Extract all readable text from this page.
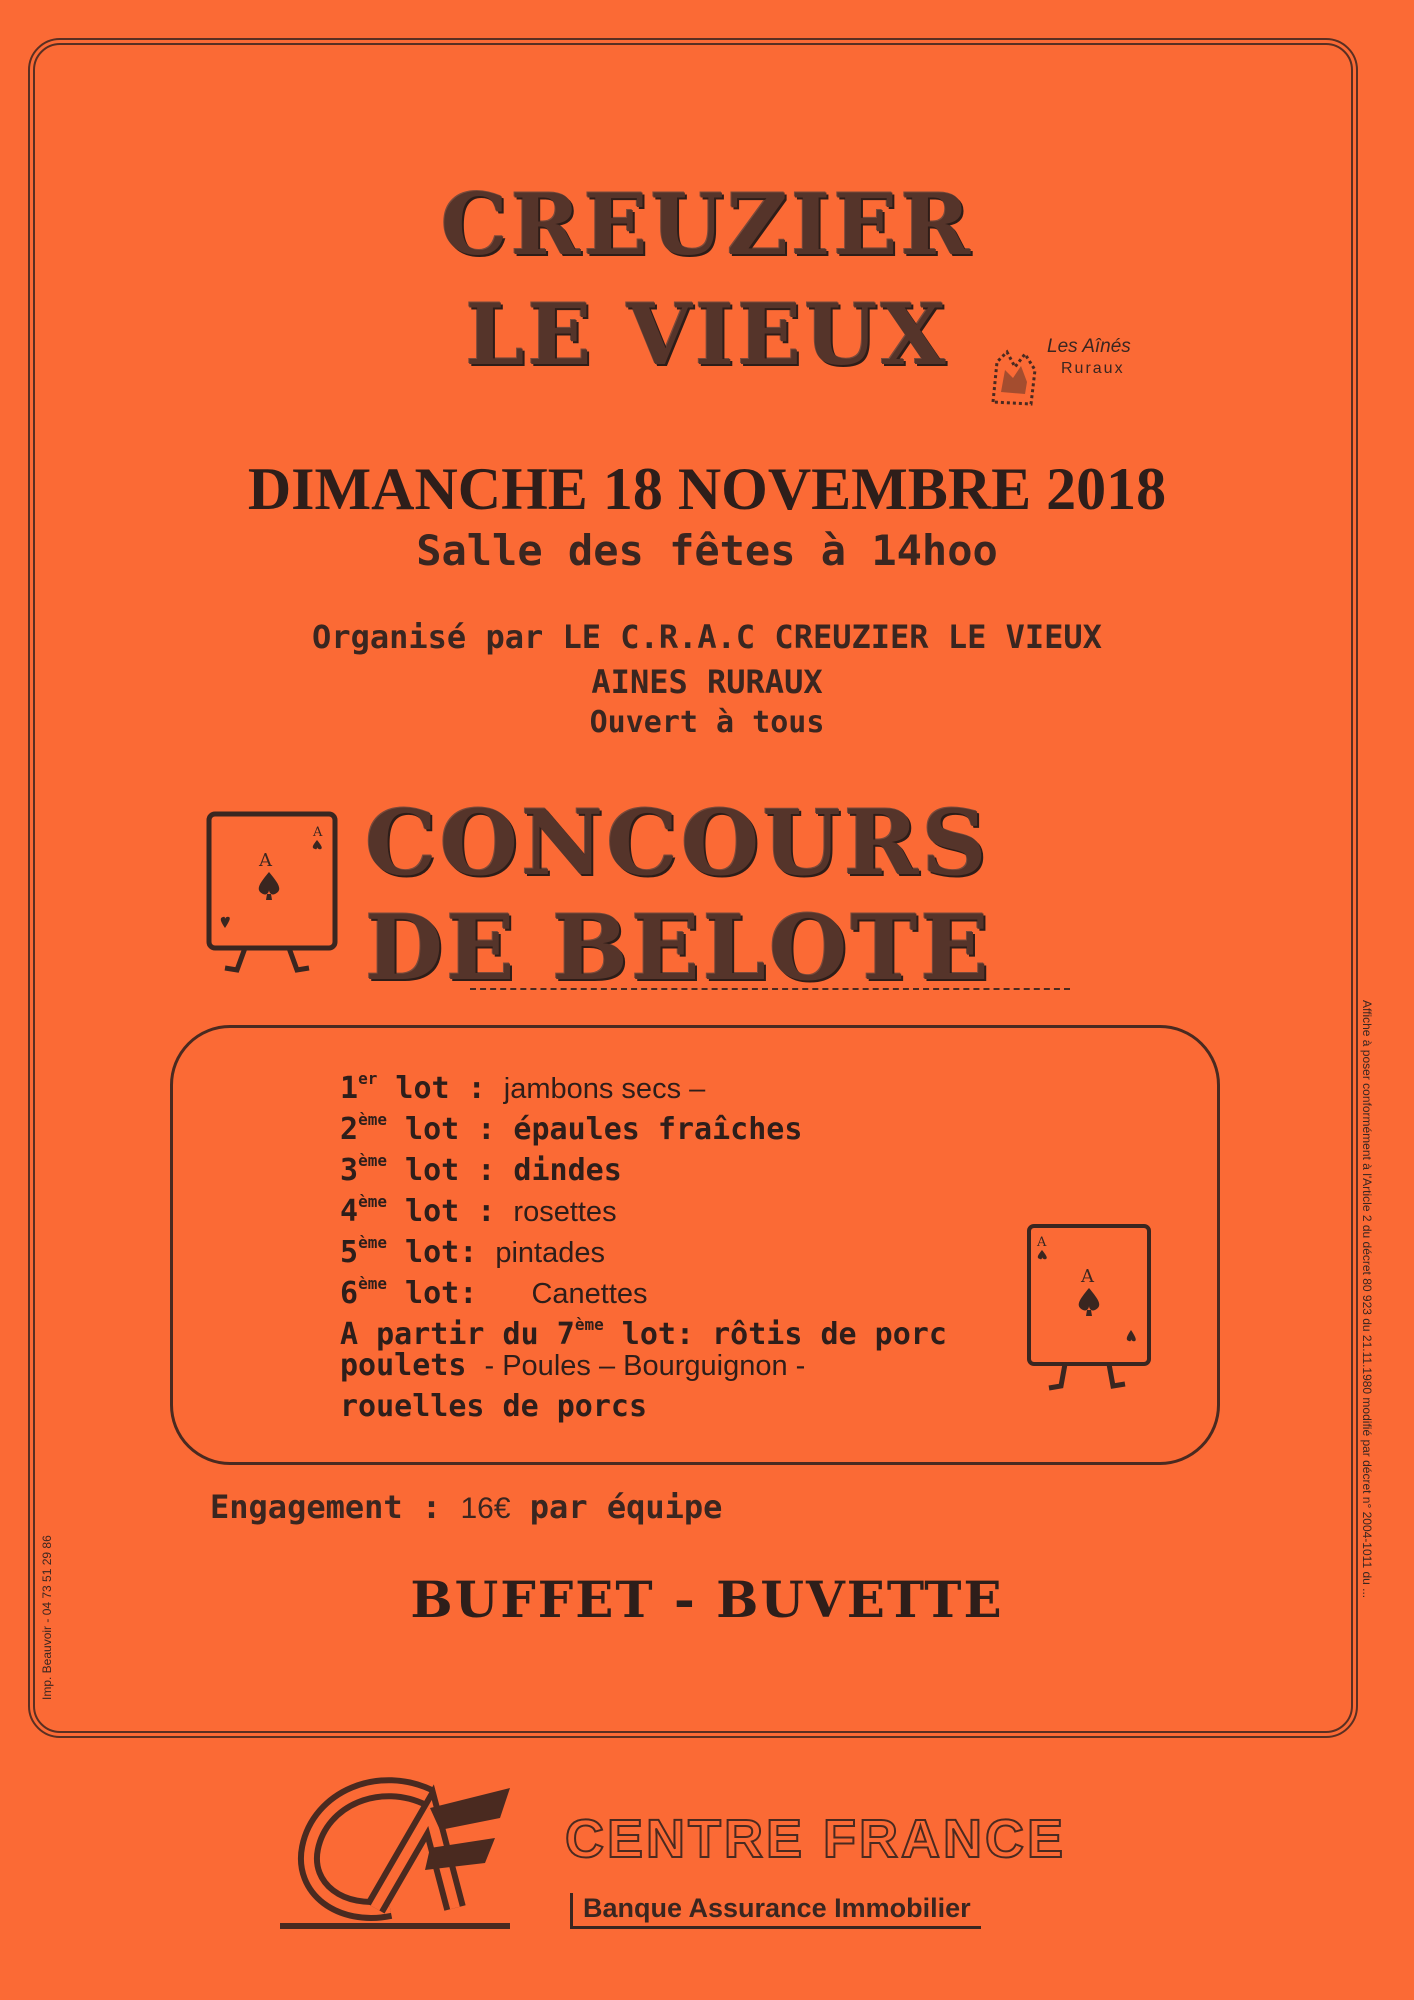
CREUZIER
LE VIEUX	Les Aînés
Ruraux
DIMANCHE 18 NOVEMBRE 2018
Salle des fêtes à 14hoo
Organisé par LE C.R.A.C CREUZIER LE VIEUX
AINES RURAUX
Ouvert à tous
A
A CONCOURS
DE BELOTE
1er lot : jambons secs –
2ème lot : épaules fraîches
3ème lot : dindes
4ème lot : rosettes
5ème lot: pintades
6ème lot:   Canettes
A partir du 7ème lot: rôtis de porc
poulets - Poules – Bourguignon -
rouelles de porcs
A
A
Engagement : 16€ par équipe
BUFFET - BUVETTE
Imp. Beauvoir - 04 73 51 29 86
Affiche à poser conformément à l'Article 2 du décret 80 923 du 21.11.1980 modifié par décret n° 2004-1011 du ...
CENTRE FRANCE
Banque Assurance Immobilier
